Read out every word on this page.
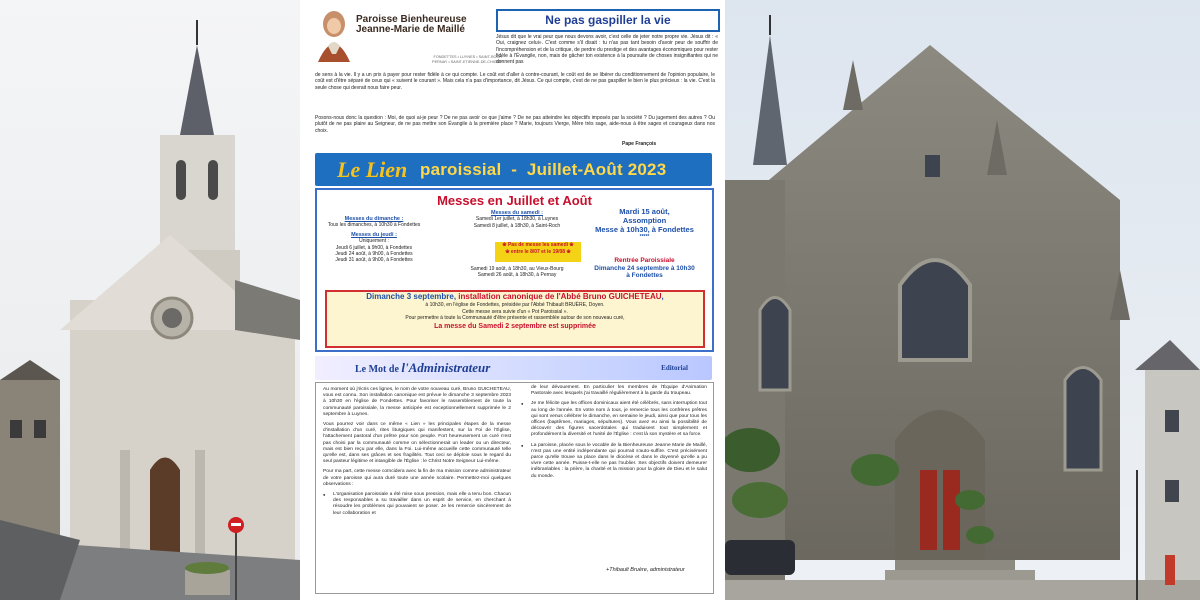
Paroisse Bienheureuse
Jeanne-Marie de Maillé
FONDETTES • LUYNES • SAINT-ROCH
PERNAY • SAINT-ETIENNE-DE-CHIGNY
Ne pas gaspiller la vie
Jésus dit que le vrai peur que nous devons avoir, c'est celle de jeter notre propre vie. Jésus dit : « Oui, craignez celui». C'est comme s'il disait : tu n'as pas tant besoin d'avoir peur de souffrir de l'incompréhension et de la critique, de perdre du prestige et des avantages économiques pour rester fidèle à l'Évangile, non, mais de gâcher ton existence à la poursuite de choses insignifiantes qui ne donnent pas
de sens à la vie. Il y a un prix à payer pour rester fidèle à ce qui compte. Le coût est d'aller à contre-courant, le coût est de se libérer du conditionnement de l'opinion populaire, le coût est d'être séparé de ceux qui « suivent le courant ». Mais cela n'a pas d'importance, dit Jésus. Ce qui compte, c'est de ne pas gaspiller le bien le plus précieux : la vie. C'est la seule chose qui devrait nous faire peur.
Posons-nous donc la question : Moi, de quoi ai-je peur ? De ne pas avoir ce que j'aime ? De ne pas atteindre les objectifs imposés par la société ? Du jugement des autres ? Ou plutôt de ne pas plaire au Seigneur, de ne pas mettre son Évangile à la première place ? Marie, toujours Vierge, Mère très sage, aide-nous à être sages et courageux dans nos choix.
Pape François
Le Lien paroissial  -  Juillet-Août 2023
Messes en Juillet et Août
Messes du dimanche :
Tous les dimanches, à 10h30 à Fondettes
Messes du jeudi :
Uniquement :
Jeudi 6 juillet, à 9h00, à Fondettes
Jeudi 24 août, à 9h00, à Fondettes
Jeudi 31 août, à 9h00, à Fondettes
Messes du samedi :
Samedi 1er juillet, à 18h30, à Luynes
Samedi 8 juillet, à 18h30, à Saint-Roch
❀ Pas de messe les samedi ❀
❀ entre le 8/07 et le 19/08 ❀
Samedi 19 août, à 18h30, au Vieux-Bourg
Samedi 26 août, à 18h30, à Pernay
Mardi 15 août,
Assomption
Messe à 10h30, à Fondettes
*****
Rentrée Paroissiale
Dimanche 24 septembre à 10h30
à Fondettes
Dimanche 3 septembre, installation canonique de l'Abbé Bruno GUICHETEAU,
à 10h30, en l'église de Fondettes, présidée par l'Abbé Thibault BRUÈRE, Doyen.
Cette messe sera suivie d'un « Pot Paroissial ».
Pour permettre à toute la Communauté d'être présente et rassemblée autour de son nouveau curé,
La messe du Samedi 2 septembre est supprimée
Le Mot de l'Administrateur	Editorial

Au moment où j'écris ces lignes, le nom de votre nouveau curé, Bruno GUICHETEAU, vous est connu. Son installation canonique est prévue le dimanche 3 septembre 2023 à 10h30 en l'église de Fondettes. Pour favoriser le rassemblement de toute la communauté paroissiale, la messe anticipée est exceptionnellement supprimée le 2 septembre à Luynes.

Vous pourrez voir dans ce même « Lien » les principales étapes de la messe d'installation d'un curé, rites liturgiques qui manifestent, sur la Foi de l'Église, l'attachement pastoral d'un prêtre pour son peuple. Fort heureusement un curé n'est pas choisi par la communauté comme on sélectionnerait un leader ou un directeur, mais est bien reçu par elle, dans la Foi. Lui-même accueille cette communauté telle qu'elle est, dans ses grâces et ses fragilités. Tout ceci se déploie sous le regard du seul pasteur légitime et intangible de l'Église : le Christ Notre Seigneur Lui-même.

Pour ma part, cette messe coïncidera avec la fin de ma mission comme administrateur de votre paroisse qui aura duré toute une année scolaire. Permettez-moi quelques observations :

● L'organisation paroissiale a été mise sous pression, mais elle a tenu bon. Chacun des responsables a su travailler dans un esprit de service, en cherchant à résoudre les problèmes qui pouvaient se poser. Je les remercie sincèrement de leur collaboration et

de leur dévouement. En particulier les membres de l'Équipe d'Animation Pastorale avec lesquels j'ai travaillé régulièrement à la garde du troupeau.

● Je me félicite que les offices dominicaux aient été célébrés, sans interruption tout au long de l'année. En votre nom à tous, je remercie tous les confrères prêtres qui sont venus célébrer le dimanche, en semaine le jeudi, ainsi que pour tous les offices (baptêmes, mariages, sépultures). Vous avez eu ainsi la possibilité de découvrir des figures sacerdotales qui traduisent tout simplement et profondément la diversité et l'unité de l'Église : c'est là son mystère et sa force.

● La paroisse, placée sous le vocable de la Bienheureuse Jeanne Marie de Maillé, n'est pas une entité indépendante qui pourrait s'auto-suffire. C'est précisément parce qu'elle trouve sa place dans le diocèse et dans le doyenné qu'elle a pu vivre cette année. Puisse-t-elle ne pas l'oublier. Ses objectifs doivent demeurer inébranlables : la prière, la charité et la mission pour la gloire de Dieu et le salut du monde.

+Thibault Bruère, administrateur
